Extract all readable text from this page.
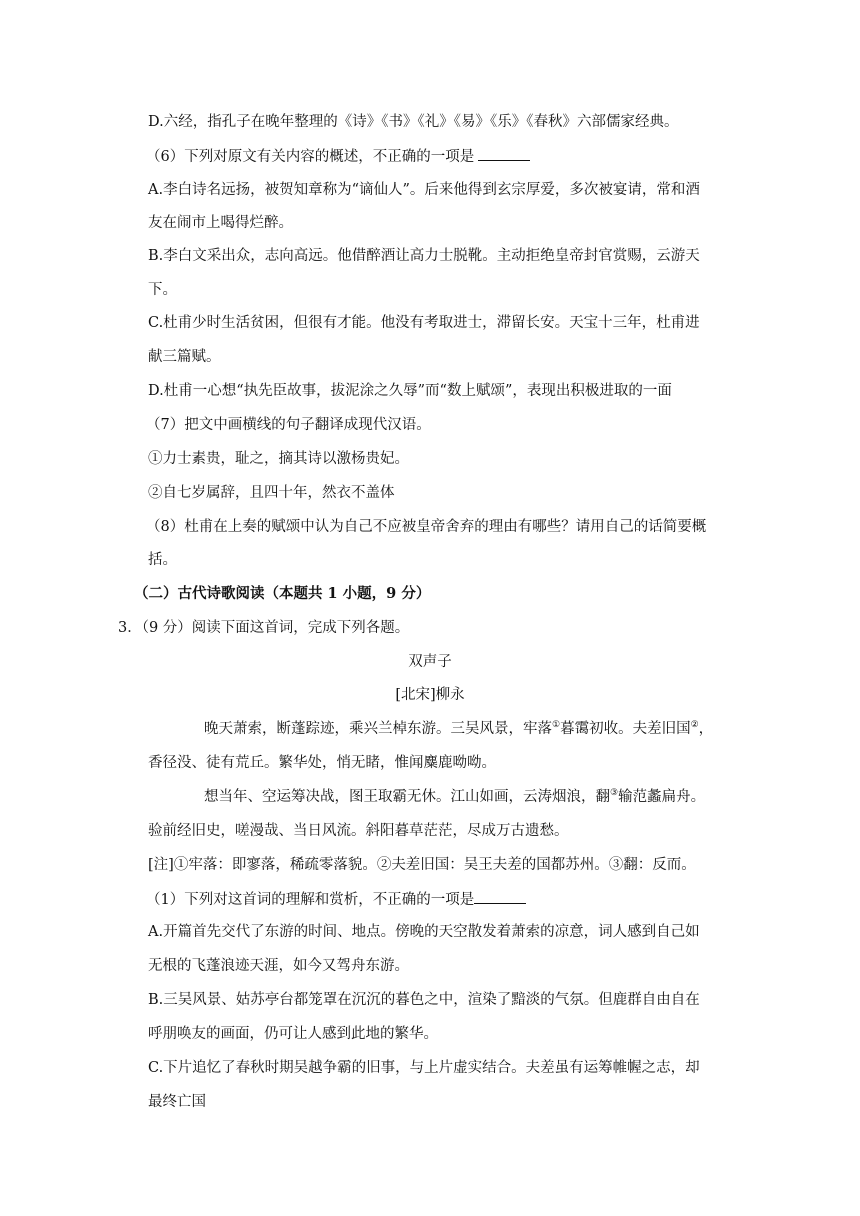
D.六经，指孔子在晚年整理的《诗》《书》《礼》《易》《乐》《春秋》六部儒家经典。
（6）下列对原文有关内容的概述，不正确的一项是
A.李白诗名远扬，被贺知章称为“谪仙人”。后来他得到玄宗厚爱，多次被宴请，常和酒
友在闹市上喝得烂醉。
B.李白文采出众，志向高远。他借醉酒让高力士脱靴。主动拒绝皇帝封官赏赐，云游天
下。
C.杜甫少时生活贫困，但很有才能。他没有考取进士，滞留长安。天宝十三年，杜甫进
献三篇赋。
D.杜甫一心想“执先臣故事，拔泥涂之久辱”而“数上赋颂”，表现出积极进取的一面
（7）把文中画横线的句子翻译成现代汉语。
①力士素贵，耻之，摘其诗以激杨贵妃。
②自七岁属辞，且四十年，然衣不盖体
（8）杜甫在上奏的赋颂中认为自己不应被皇帝舍弃的理由有哪些？请用自己的话简要概
括。
（二）古代诗歌阅读（本题共 1 小题，9 分）
3．（9 分）阅读下面这首词，完成下列各题。
双声子
[北宋]柳永
晚天萧索，断蓬踪迹，乘兴兰棹东游。三吴风景，牢落①暮霭初收。夫差旧国②，
香径没、徒有荒丘。繁华处，悄无睹，惟闻麋鹿呦呦。
想当年、空运筹决战，图王取霸无休。江山如画，云涛烟浪，翻③输范蠡扁舟。
验前经旧史，嗟漫哉、当日风流。斜阳暮草茫茫，尽成万古遗愁。
[注]①牢落：即寥落，稀疏零落貌。②夫差旧国：吴王夫差的国都苏州。③翻：反而。
（1）下列对这首词的理解和赏析，不正确的一项是
A.开篇首先交代了东游的时间、地点。傍晚的天空散发着萧索的凉意，词人感到自己如
无根的飞蓬浪迹天涯，如今又驾舟东游。
B.三吴风景、姑苏亭台都笼罩在沉沉的暮色之中，渲染了黯淡的气氛。但鹿群自由自在
呼朋唤友的画面，仍可让人感到此地的繁华。
C.下片追忆了春秋时期吴越争霸的旧事，与上片虚实结合。夫差虽有运筹帷幄之志，却
最终亡国
